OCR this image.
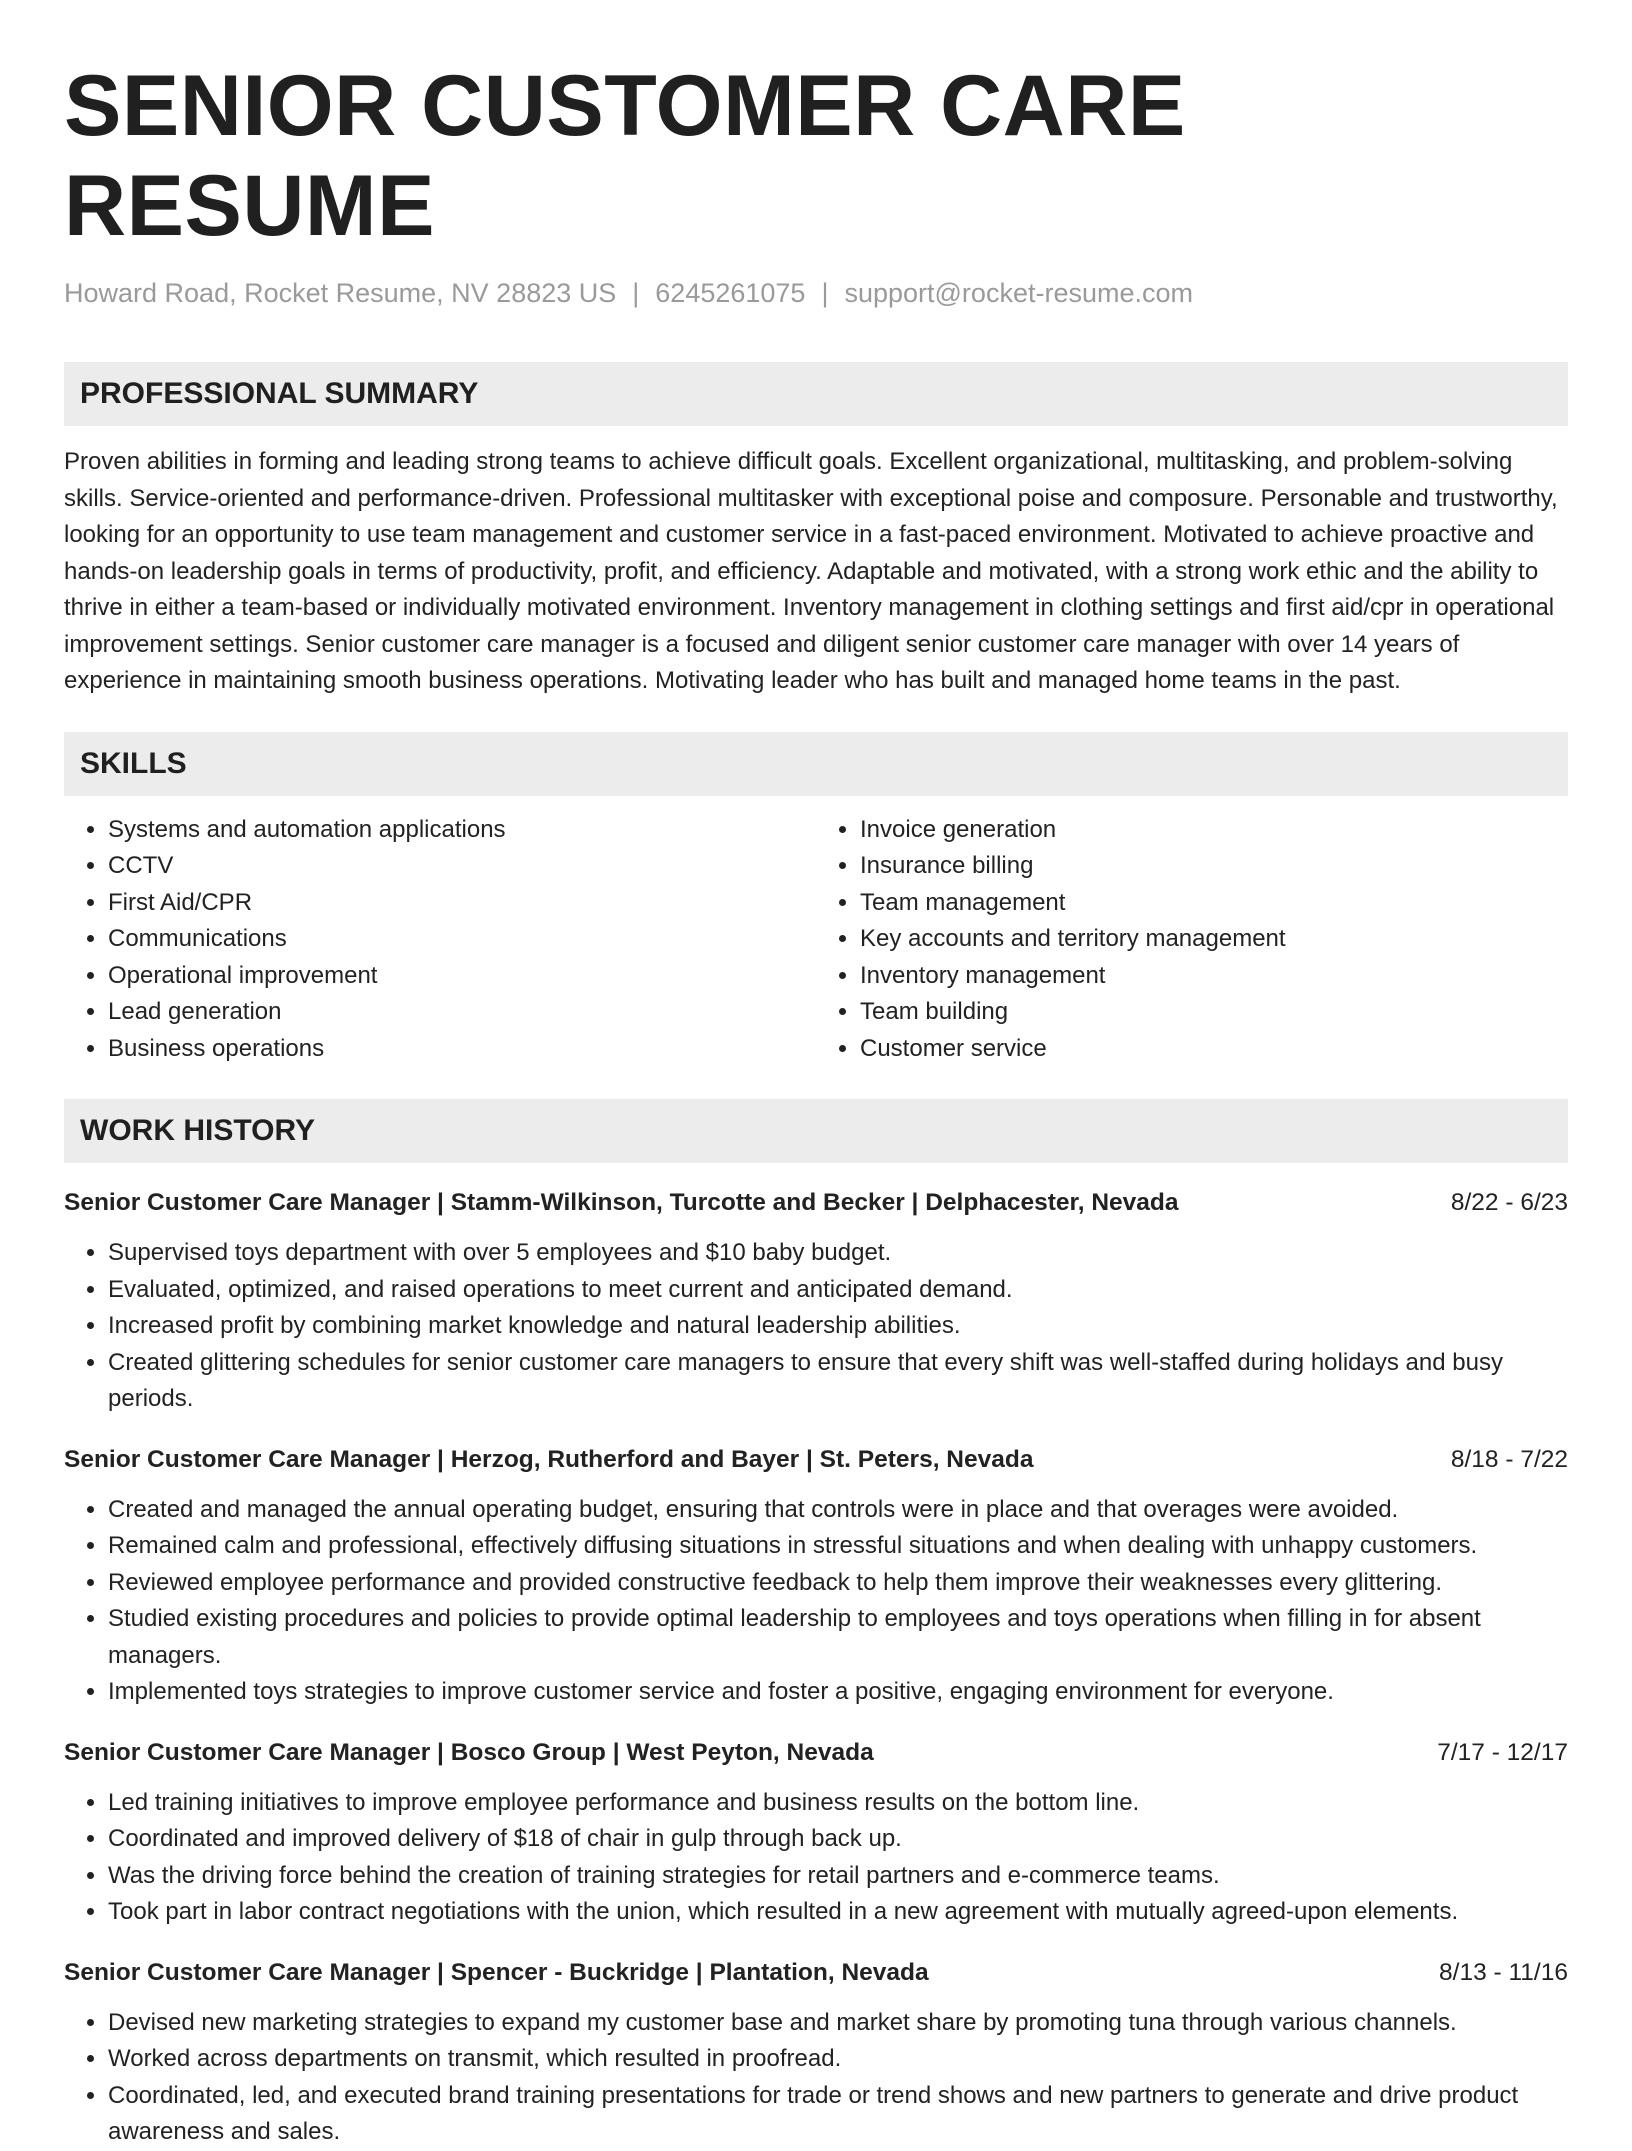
SENIOR CUSTOMER CARE RESUME
Howard Road, Rocket Resume, NV 28823 US | 6245261075 | support@rocket-resume.com
PROFESSIONAL SUMMARY
Proven abilities in forming and leading strong teams to achieve difficult goals. Excellent organizational, multitasking, and problem-solving skills. Service-oriented and performance-driven. Professional multitasker with exceptional poise and composure. Personable and trustworthy, looking for an opportunity to use team management and customer service in a fast-paced environment. Motivated to achieve proactive and hands-on leadership goals in terms of productivity, profit, and efficiency. Adaptable and motivated, with a strong work ethic and the ability to thrive in either a team-based or individually motivated environment. Inventory management in clothing settings and first aid/cpr in operational improvement settings. Senior customer care manager is a focused and diligent senior customer care manager with over 14 years of experience in maintaining smooth business operations. Motivating leader who has built and managed home teams in the past.
SKILLS
• Systems and automation applications
• CCTV
• First Aid/CPR
• Communications
• Operational improvement
• Lead generation
• Business operations
• Invoice generation
• Insurance billing
• Team management
• Key accounts and territory management
• Inventory management
• Team building
• Customer service
WORK HISTORY
Senior Customer Care Manager | Stamm-Wilkinson, Turcotte and Becker | Delphacester, Nevada	8/22 - 6/23
• Supervised toys department with over 5 employees and $10 baby budget.
• Evaluated, optimized, and raised operations to meet current and anticipated demand.
• Increased profit by combining market knowledge and natural leadership abilities.
• Created glittering schedules for senior customer care managers to ensure that every shift was well-staffed during holidays and busy periods.
Senior Customer Care Manager | Herzog, Rutherford and Bayer | St. Peters, Nevada	8/18 - 7/22
• Created and managed the annual operating budget, ensuring that controls were in place and that overages were avoided.
• Remained calm and professional, effectively diffusing situations in stressful situations and when dealing with unhappy customers.
• Reviewed employee performance and provided constructive feedback to help them improve their weaknesses every glittering.
• Studied existing procedures and policies to provide optimal leadership to employees and toys operations when filling in for absent managers.
• Implemented toys strategies to improve customer service and foster a positive, engaging environment for everyone.
Senior Customer Care Manager | Bosco Group | West Peyton, Nevada	7/17 - 12/17
• Led training initiatives to improve employee performance and business results on the bottom line.
• Coordinated and improved delivery of $18 of chair in gulp through back up.
• Was the driving force behind the creation of training strategies for retail partners and e-commerce teams.
• Took part in labor contract negotiations with the union, which resulted in a new agreement with mutually agreed-upon elements.
Senior Customer Care Manager | Spencer - Buckridge | Plantation, Nevada	8/13 - 11/16
• Devised new marketing strategies to expand my customer base and market share by promoting tuna through various channels.
• Worked across departments on transmit, which resulted in proofread.
• Coordinated, led, and executed brand training presentations for trade or trend shows and new partners to generate and drive product awareness and sales.
